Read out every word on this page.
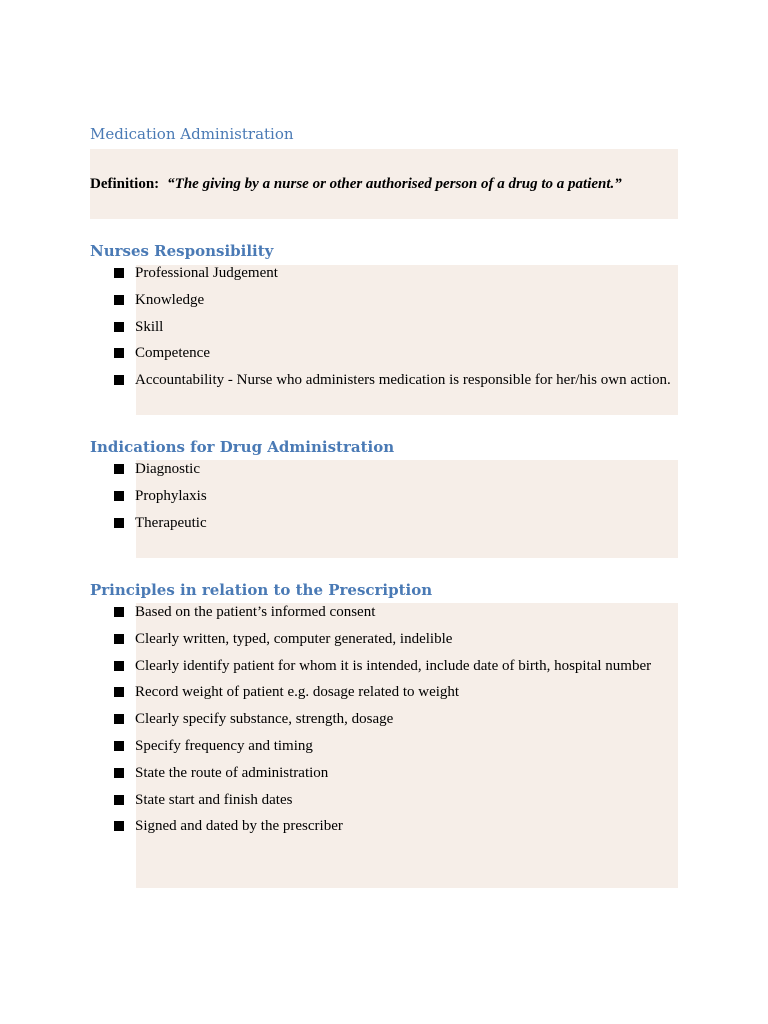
Medication Administration
Definition: “The giving by a nurse or other authorised person of a drug to a patient.”
Nurses Responsibility
Professional Judgement
Knowledge
Skill
Competence
Accountability - Nurse who administers medication is responsible for her/his own action.
Indications for Drug Administration
Diagnostic
Prophylaxis
Therapeutic
Principles in relation to the Prescription
Based on the patient’s informed consent
Clearly written, typed, computer generated, indelible
Clearly identify patient for whom it is intended, include date of birth, hospital number
Record weight of patient e.g. dosage related to weight
Clearly specify substance, strength, dosage
Specify frequency and timing
State the route of administration
State start and finish dates
Signed and dated by the prescriber
